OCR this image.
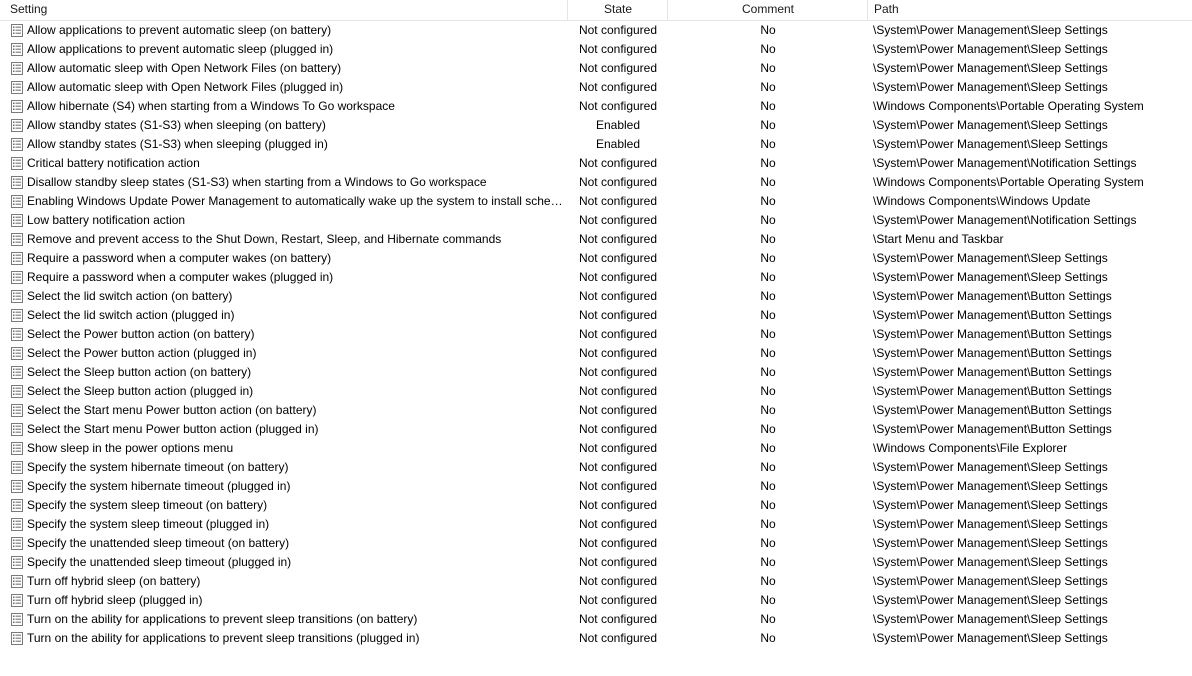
Setting	State	Comment	Path
Allow applications to prevent automatic sleep (on battery)	Not configured	No	\System\Power Management\Sleep Settings
Allow applications to prevent automatic sleep (plugged in)	Not configured	No	\System\Power Management\Sleep Settings
Allow automatic sleep with Open Network Files (on battery)	Not configured	No	\System\Power Management\Sleep Settings
Allow automatic sleep with Open Network Files (plugged in)	Not configured	No	\System\Power Management\Sleep Settings
Allow hibernate (S4) when starting from a Windows To Go workspace	Not configured	No	\Windows Components\Portable Operating System
Allow standby states (S1-S3) when sleeping (on battery)	Enabled	No	\System\Power Management\Sleep Settings
Allow standby states (S1-S3) when sleeping (plugged in)	Enabled	No	\System\Power Management\Sleep Settings
Critical battery notification action	Not configured	No	\System\Power Management\Notification Settings
Disallow standby sleep states (S1-S3) when starting from a Windows to Go workspace	Not configured	No	\Windows Components\Portable Operating System
Enabling Windows Update Power Management to automatically wake up the system to install sched...	Not configured	No	\Windows Components\Windows Update
Low battery notification action	Not configured	No	\System\Power Management\Notification Settings
Remove and prevent access to the Shut Down, Restart, Sleep, and Hibernate commands	Not configured	No	\Start Menu and Taskbar
Require a password when a computer wakes (on battery)	Not configured	No	\System\Power Management\Sleep Settings
Require a password when a computer wakes (plugged in)	Not configured	No	\System\Power Management\Sleep Settings
Select the lid switch action (on battery)	Not configured	No	\System\Power Management\Button Settings
Select the lid switch action (plugged in)	Not configured	No	\System\Power Management\Button Settings
Select the Power button action (on battery)	Not configured	No	\System\Power Management\Button Settings
Select the Power button action (plugged in)	Not configured	No	\System\Power Management\Button Settings
Select the Sleep button action (on battery)	Not configured	No	\System\Power Management\Button Settings
Select the Sleep button action (plugged in)	Not configured	No	\System\Power Management\Button Settings
Select the Start menu Power button action (on battery)	Not configured	No	\System\Power Management\Button Settings
Select the Start menu Power button action (plugged in)	Not configured	No	\System\Power Management\Button Settings
Show sleep in the power options menu	Not configured	No	\Windows Components\File Explorer
Specify the system hibernate timeout (on battery)	Not configured	No	\System\Power Management\Sleep Settings
Specify the system hibernate timeout (plugged in)	Not configured	No	\System\Power Management\Sleep Settings
Specify the system sleep timeout (on battery)	Not configured	No	\System\Power Management\Sleep Settings
Specify the system sleep timeout (plugged in)	Not configured	No	\System\Power Management\Sleep Settings
Specify the unattended sleep timeout (on battery)	Not configured	No	\System\Power Management\Sleep Settings
Specify the unattended sleep timeout (plugged in)	Not configured	No	\System\Power Management\Sleep Settings
Turn off hybrid sleep (on battery)	Not configured	No	\System\Power Management\Sleep Settings
Turn off hybrid sleep (plugged in)	Not configured	No	\System\Power Management\Sleep Settings
Turn on the ability for applications to prevent sleep transitions (on battery)	Not configured	No	\System\Power Management\Sleep Settings
Turn on the ability for applications to prevent sleep transitions (plugged in)	Not configured	No	\System\Power Management\Sleep Settings
